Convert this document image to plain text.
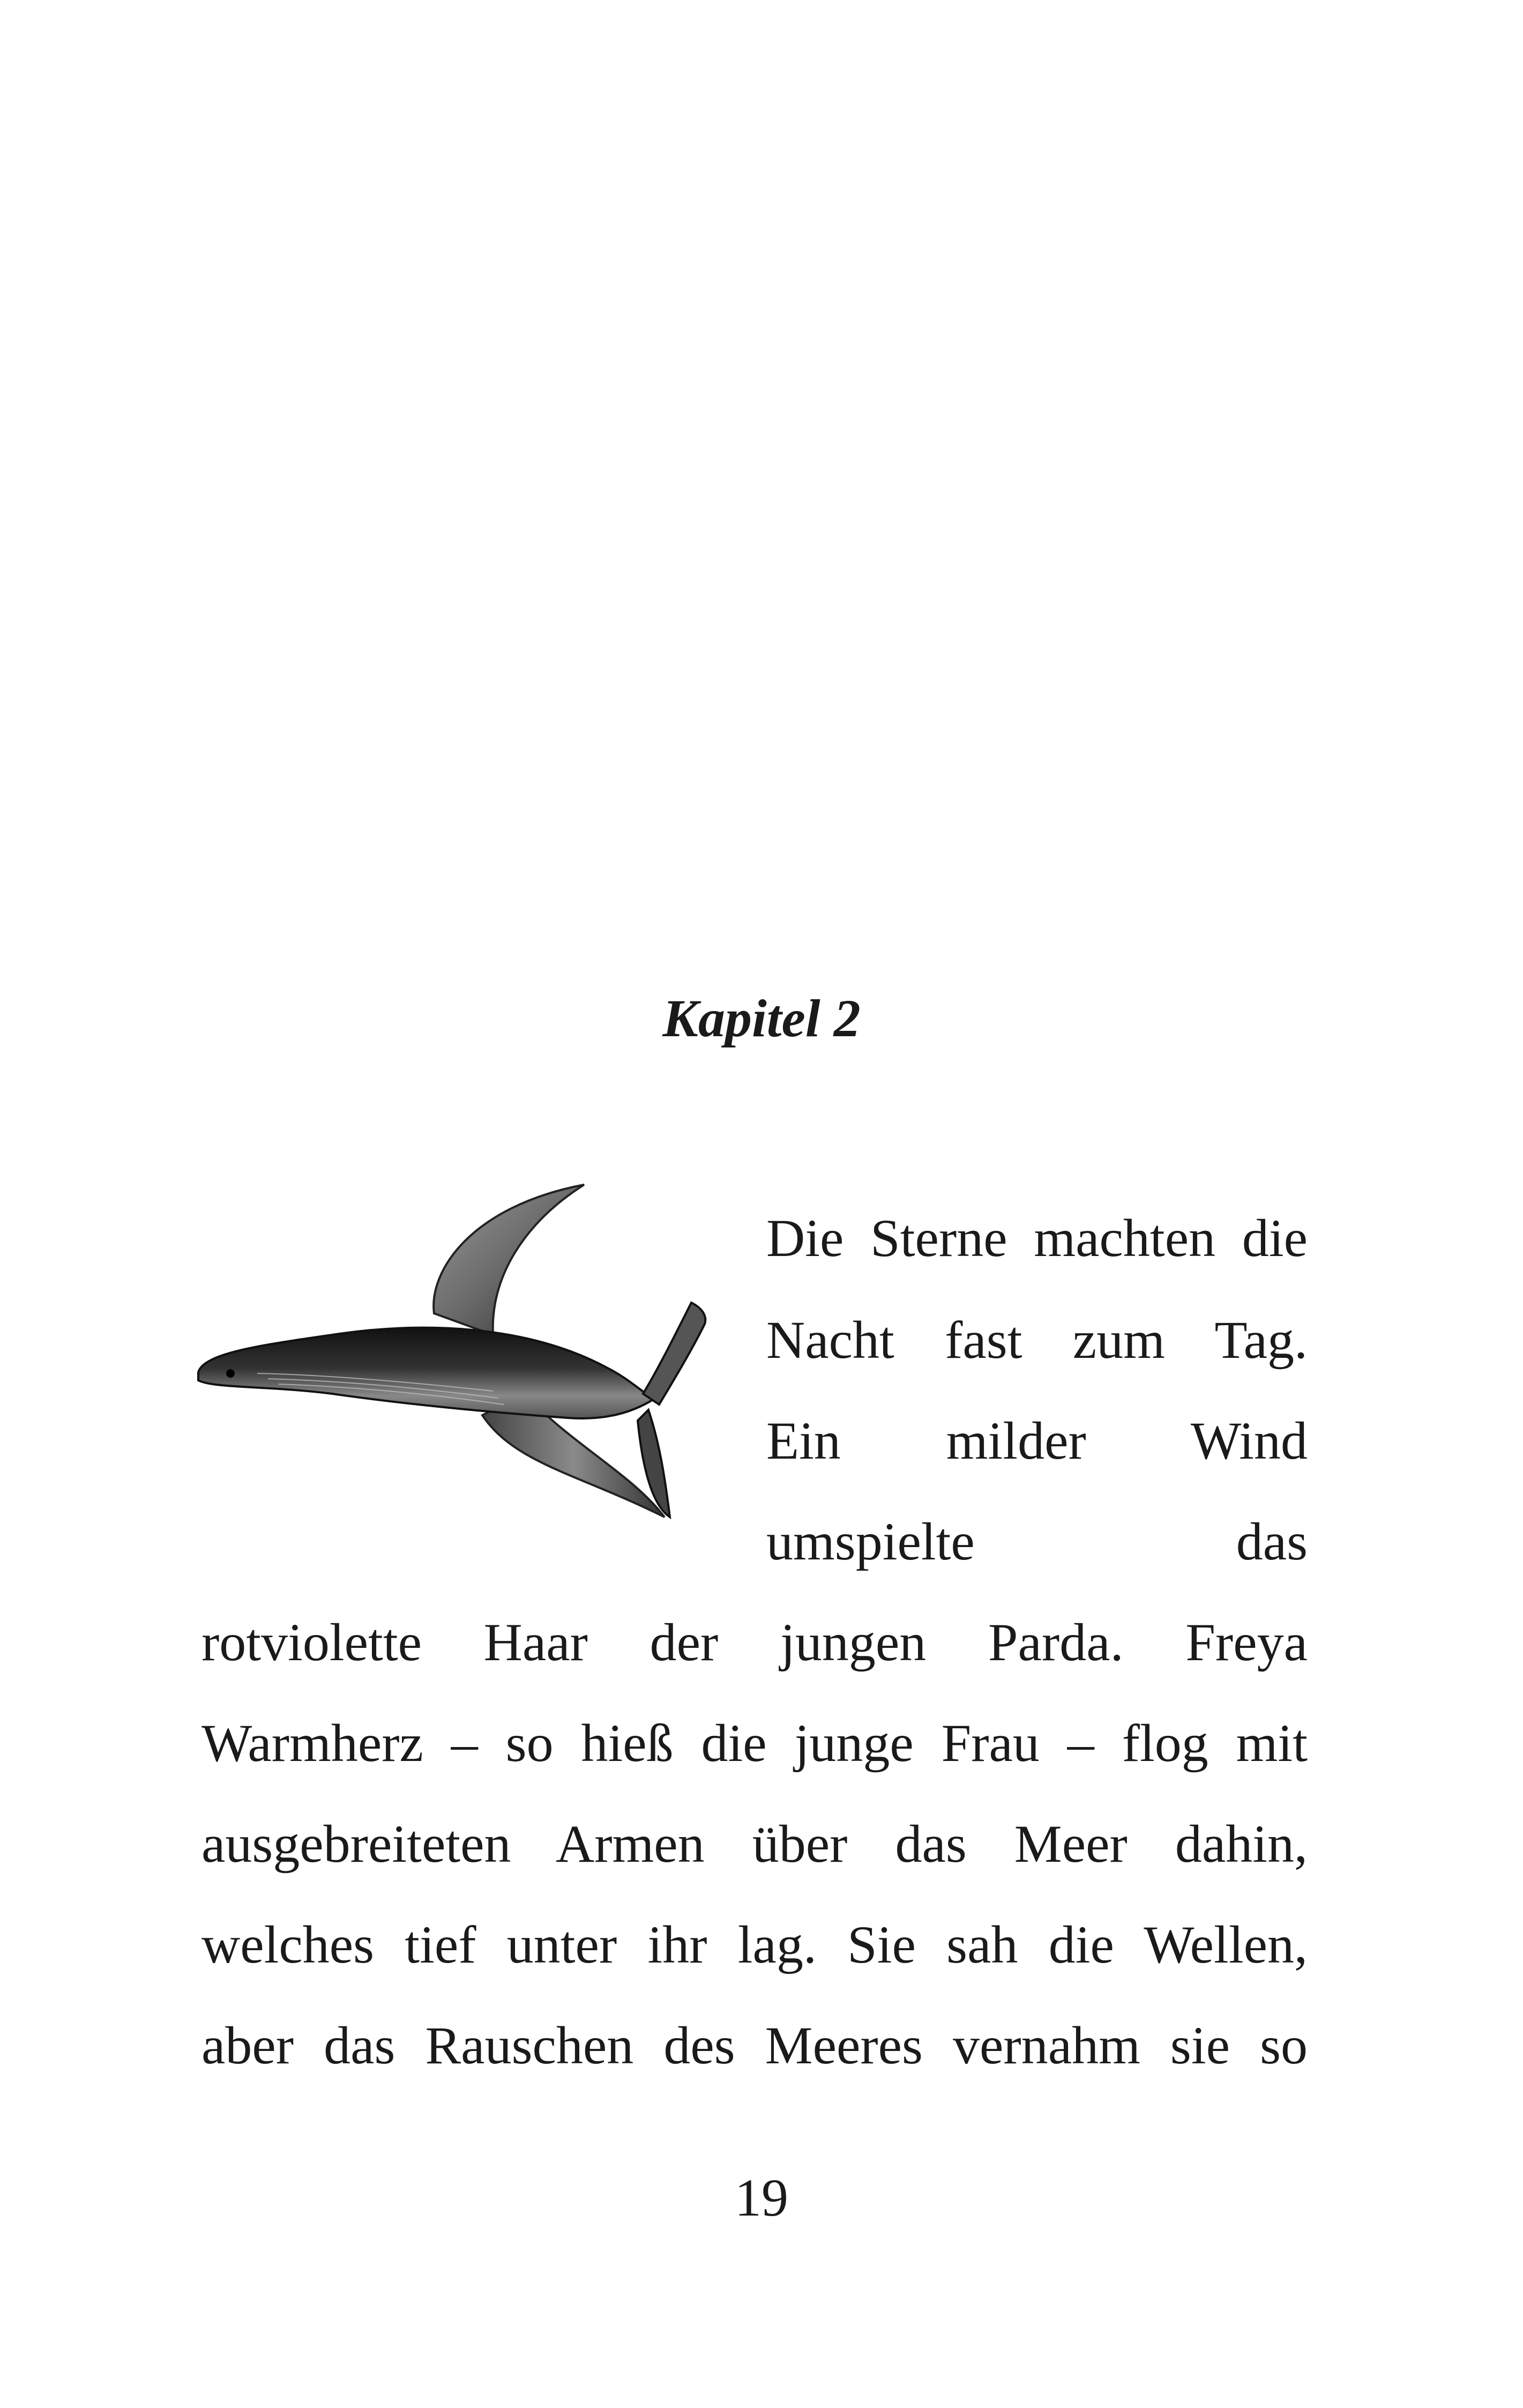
Kapitel 2
Die Sterne machten die
Nacht fast zum Tag.
Ein milder Wind
umspielte das
rotviolette Haar der jungen Parda. Freya
Warmherz – so hieß die junge Frau – flog mit
ausgebreiteten Armen über das Meer dahin,
welches tief unter ihr lag. Sie sah die Wellen,
aber das Rauschen des Meeres vernahm sie so
19
